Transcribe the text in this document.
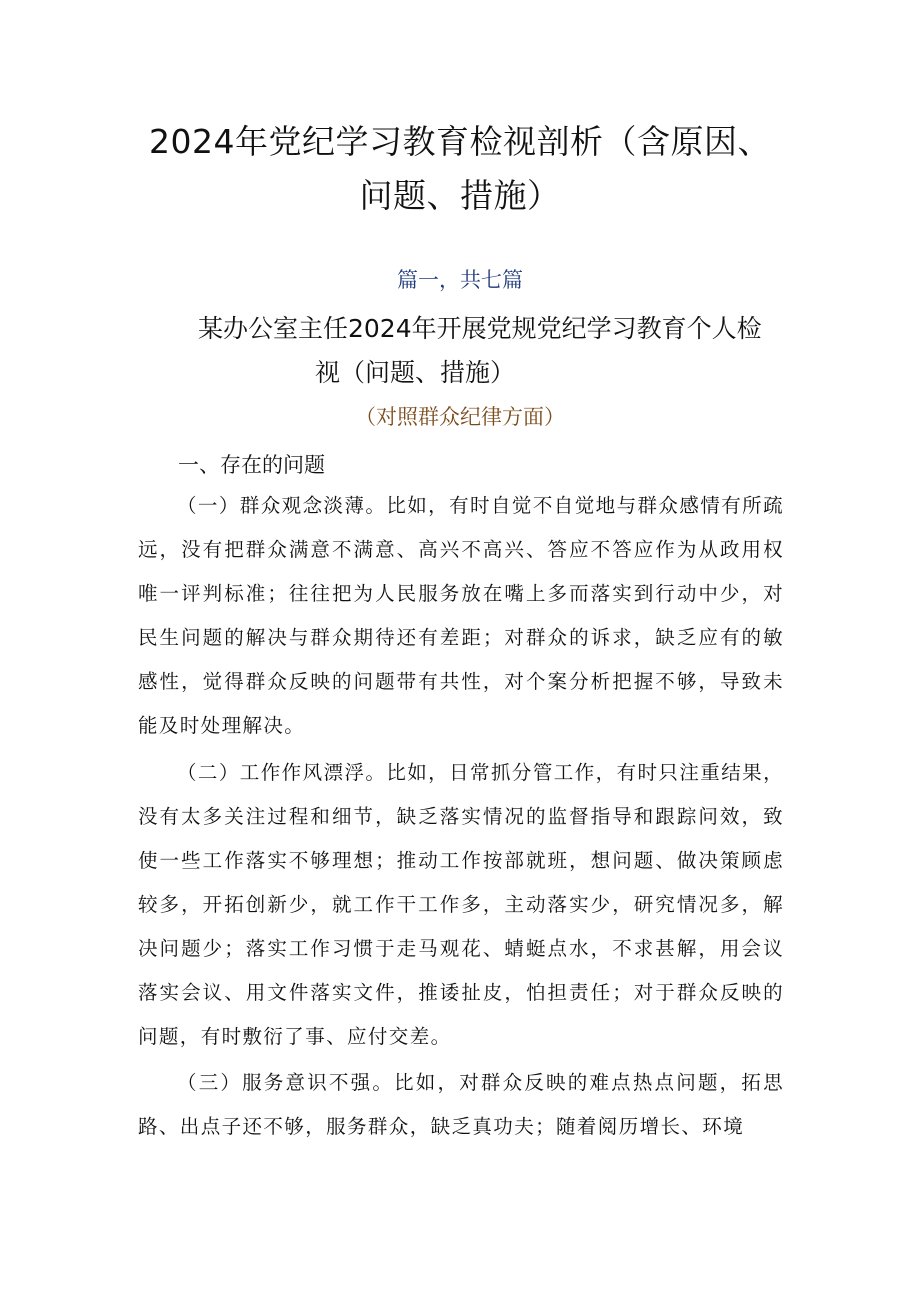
2024年党纪学习教育检视剖析（含原因、
问题、措施）
篇一，共七篇
某办公室主任2024年开展党规党纪学习教育个人检
视（问题、措施）
（对照群众纪律方面）
一、存在的问题

（一）群众观念淡薄。比如，有时自觉不自觉地与群众感情有所疏远，没有把群众满意不满意、高兴不高兴、答应不答应作为从政用权唯一评判标准；往往把为人民服务放在嘴上多而落实到行动中少，对民生问题的解决与群众期待还有差距；对群众的诉求，缺乏应有的敏感性，觉得群众反映的问题带有共性，对个案分析把握不够，导致未能及时处理解决。

（二）工作作风漂浮。比如，日常抓分管工作，有时只注重结果，没有太多关注过程和细节，缺乏落实情况的监督指导和跟踪问效，致使一些工作落实不够理想；推动工作按部就班，想问题、做决策顾虑较多，开拓创新少，就工作干工作多，主动落实少，研究情况多，解决问题少；落实工作习惯于走马观花、蜻蜓点水，不求甚解，用会议落实会议、用文件落实文件，推诿扯皮，怕担责任；对于群众反映的问题，有时敷衍了事、应付交差。

（三）服务意识不强。比如，对群众反映的难点热点问题，拓思路、出点子还不够，服务群众，缺乏真功夫；随着阅历增长、环境
